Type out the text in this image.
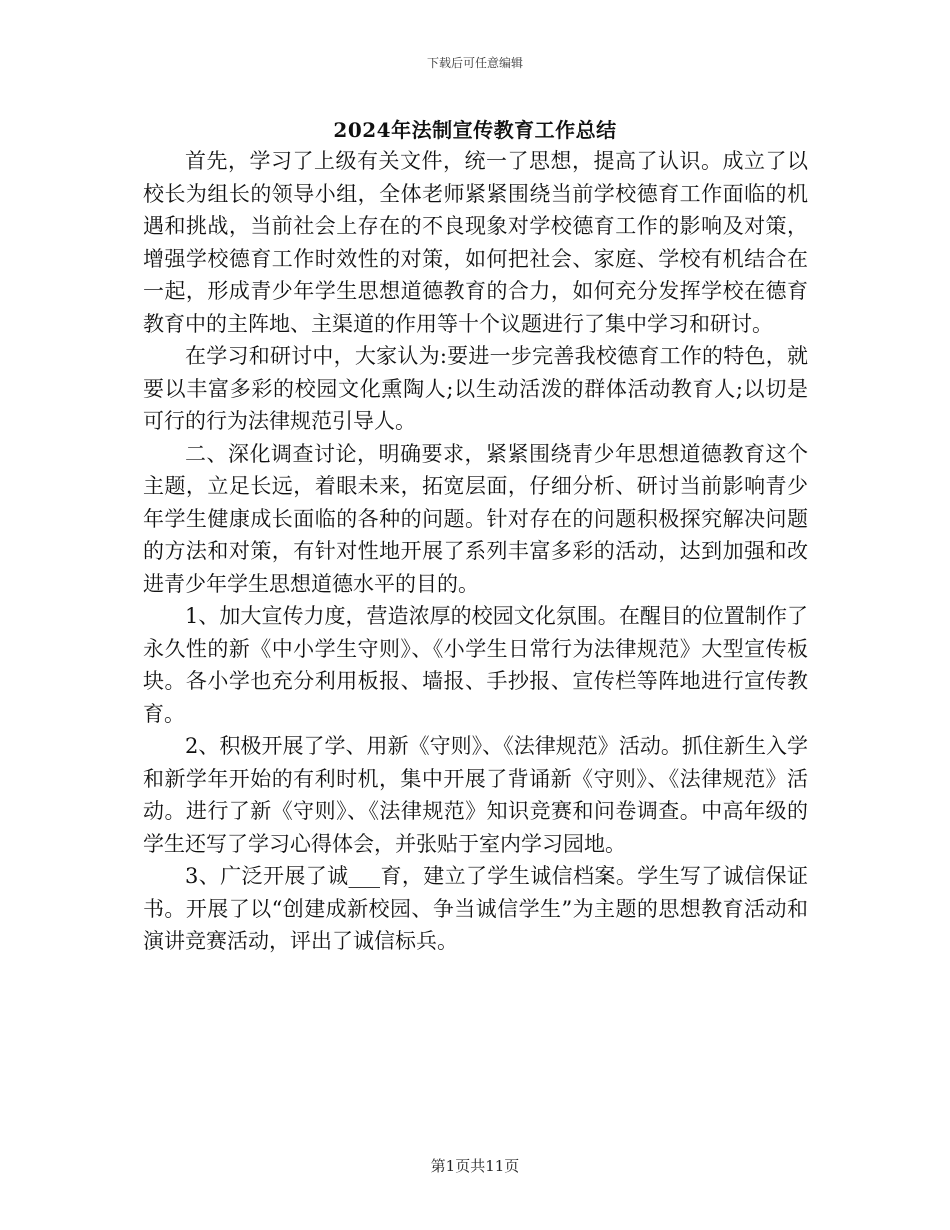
下载后可任意编辑
2024年法制宣传教育工作总结

首先，学习了上级有关文件，统一了思想，提高了认识。成立了以校长为组长的领导小组，全体老师紧紧围绕当前学校德育工作面临的机遇和挑战，当前社会上存在的不良现象对学校德育工作的影响及对策，增强学校德育工作时效性的对策，如何把社会、家庭、学校有机结合在一起，形成青少年学生思想道德教育的合力，如何充分发挥学校在德育教育中的主阵地、主渠道的作用等十个议题进行了集中学习和研讨。

在学习和研讨中，大家认为:要进一步完善我校德育工作的特色，就要以丰富多彩的校园文化熏陶人;以生动活泼的群体活动教育人;以切是可行的行为法律规范引导人。

二、深化调查讨论，明确要求，紧紧围绕青少年思想道德教育这个主题，立足长远，着眼未来，拓宽层面，仔细分析、研讨当前影响青少年学生健康成长面临的各种的问题。针对存在的问题积极探究解决问题的方法和对策，有针对性地开展了系列丰富多彩的活动，达到加强和改进青少年学生思想道德水平的目的。

1、加大宣传力度，营造浓厚的校园文化氛围。在醒目的位置制作了永久性的新《中小学生守则》、《小学生日常行为法律规范》大型宣传板块。各小学也充分利用板报、墙报、手抄报、宣传栏等阵地进行宣传教育。

2、积极开展了学、用新《守则》、《法律规范》活动。抓住新生入学和新学年开始的有利时机，集中开展了背诵新《守则》、《法律规范》活动。进行了新《守则》、《法律规范》知识竞赛和问卷调查。中高年级的学生还写了学习心得体会，并张贴于室内学习园地。

3、广泛开展了诚___育，建立了学生诚信档案。学生写了诚信保证书。开展了以“创建成新校园、争当诚信学生”为主题的思想教育活动和演讲竞赛活动，评出了诚信标兵。

第1页共11页
